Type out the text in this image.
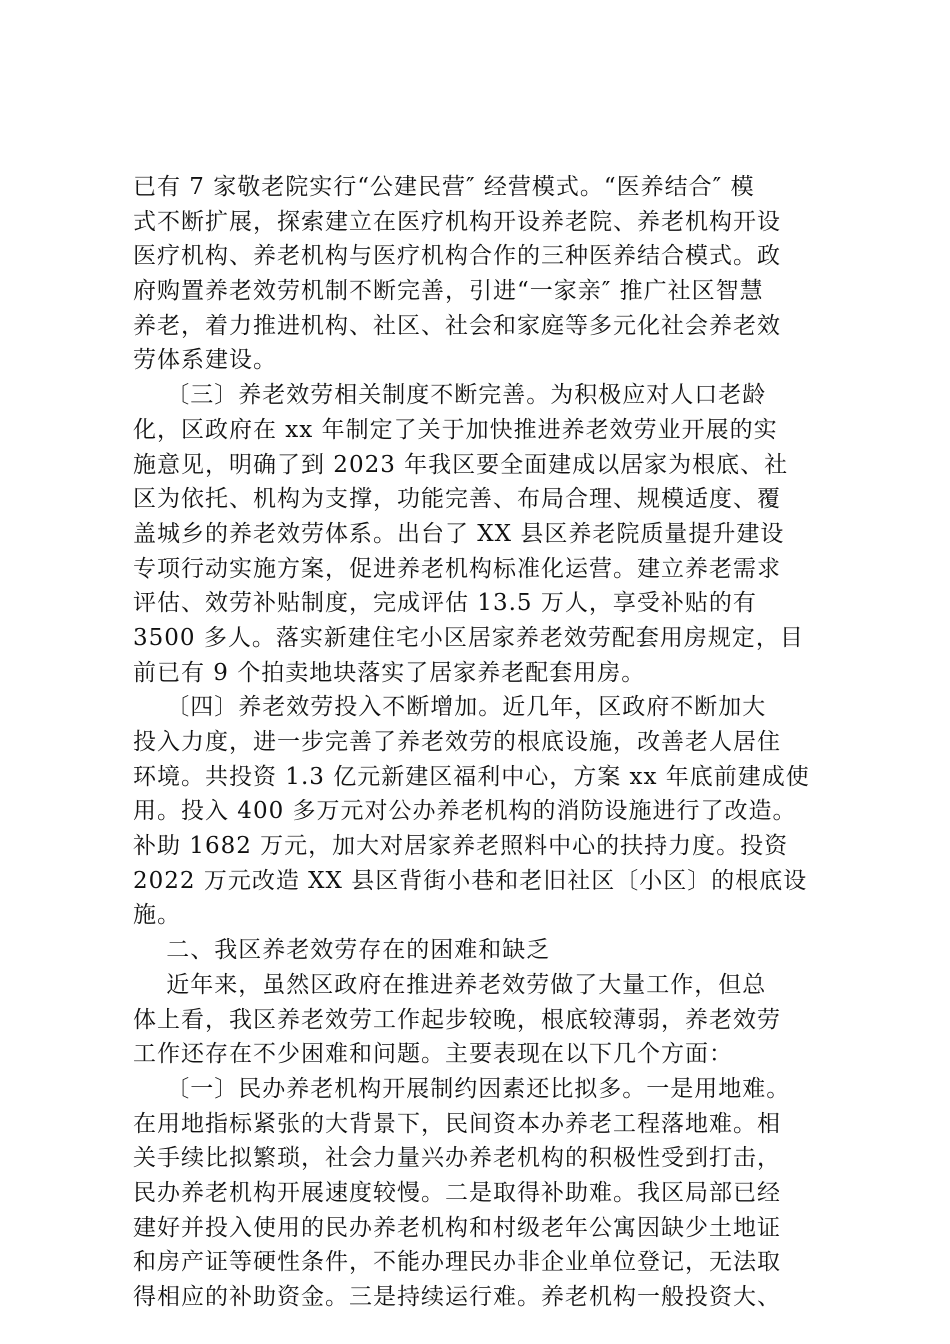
已有 7 家敬老院实行“公建民营″ 经营模式。“医养结合″ 模
式不断扩展，探索建立在医疗机构开设养老院、养老机构开设
医疗机构、养老机构与医疗机构合作的三种医养结合模式。政
府购置养老效劳机制不断完善，引进“一家亲″ 推广社区智慧
养老，着力推进机构、社区、社会和家庭等多元化社会养老效
劳体系建设。
〔三〕养老效劳相关制度不断完善。为积极应对人口老龄
化，区政府在 xx 年制定了关于加快推进养老效劳业开展的实
施意见，明确了到 2023 年我区要全面建成以居家为根底、社
区为依托、机构为支撑，功能完善、布局合理、规模适度、覆
盖城乡的养老效劳体系。出台了 XX 县区养老院质量提升建设
专项行动实施方案，促进养老机构标准化运营。建立养老需求
评估、效劳补贴制度，完成评估 13.5 万人，享受补贴的有
3500 多人。落实新建住宅小区居家养老效劳配套用房规定，目
前已有 9 个拍卖地块落实了居家养老配套用房。
〔四〕养老效劳投入不断增加。近几年，区政府不断加大
投入力度，进一步完善了养老效劳的根底设施，改善老人居住
环境。共投资 1.3 亿元新建区福利中心，方案 xx 年底前建成使
用。投入 400 多万元对公办养老机构的消防设施进行了改造。
补助 1682 万元，加大对居家养老照料中心的扶持力度。投资
2022 万元改造 XX 县区背街小巷和老旧社区〔小区〕的根底设
施。
二、我区养老效劳存在的困难和缺乏
近年来，虽然区政府在推进养老效劳做了大量工作，但总
体上看，我区养老效劳工作起步较晚，根底较薄弱，养老效劳
工作还存在不少困难和问题。主要表现在以下几个方面：
〔一〕民办养老机构开展制约因素还比拟多。一是用地难。
在用地指标紧张的大背景下，民间资本办养老工程落地难。相
关手续比拟繁琐，社会力量兴办养老机构的积极性受到打击，
民办养老机构开展速度较慢。二是取得补助难。我区局部已经
建好并投入使用的民办养老机构和村级老年公寓因缺少土地证
和房产证等硬性条件，不能办理民办非企业单位登记，无法取
得相应的补助资金。三是持续运行难。养老机构一般投资大、
